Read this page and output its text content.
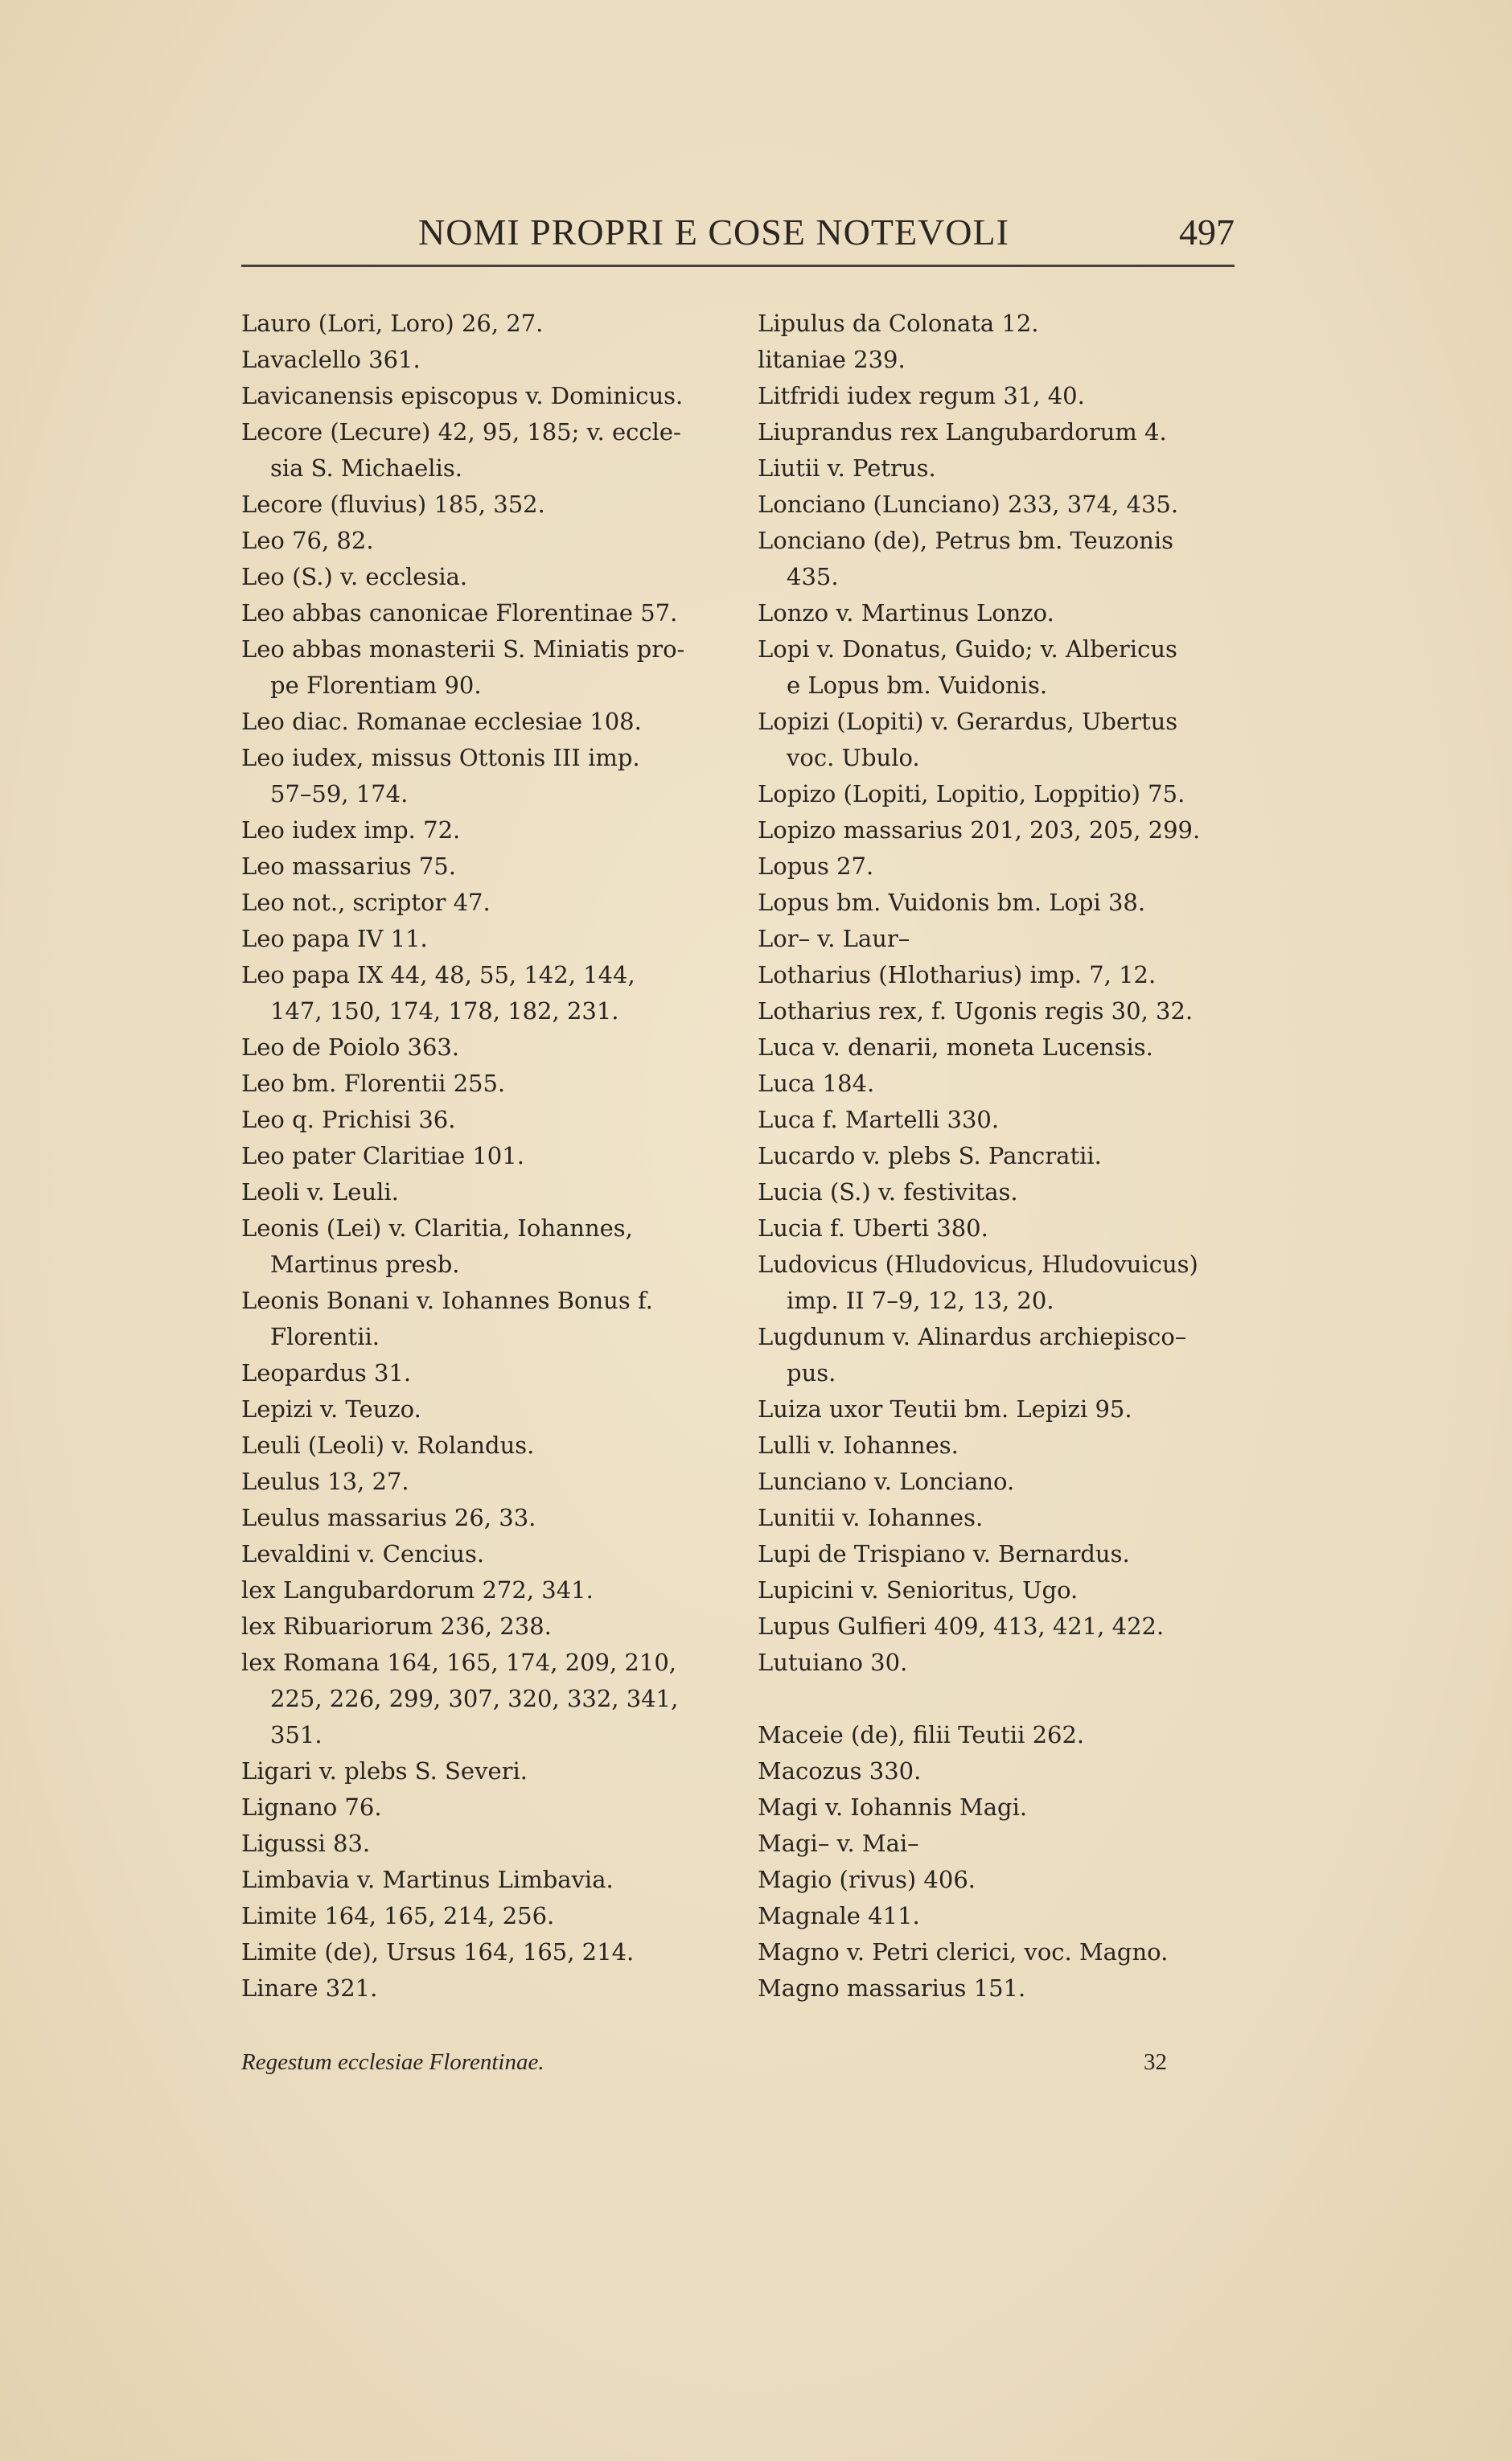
NOMI PROPRI E COSE NOTEVOLI	497
Lauro (Lori, Loro) 26, 27.
Lavaclello 361.
Lavicanensis episcopus v. Dominicus.
Lecore (Lecure) 42, 95, 185; v. eccle-
sia S. Michaelis.
Lecore (fluvius) 185, 352.
Leo 76, 82.
Leo (S.) v. ecclesia.
Leo abbas canonicae Florentinae 57.
Leo abbas monasterii S. Miniatis pro-
pe Florentiam 90.
Leo diac. Romanae ecclesiae 108.
Leo iudex, missus Ottonis III imp.
57–59, 174.
Leo iudex imp. 72.
Leo massarius 75.
Leo not., scriptor 47.
Leo papa IV 11.
Leo papa IX 44, 48, 55, 142, 144,
147, 150, 174, 178, 182, 231.
Leo de Poiolo 363.
Leo bm. Florentii 255.
Leo q. Prichisi 36.
Leo pater Claritiae 101.
Leoli v. Leuli.
Leonis (Lei) v. Claritia, Iohannes,
Martinus presb.
Leonis Bonani v. Iohannes Bonus f.
Florentii.
Leopardus 31.
Lepizi v. Teuzo.
Leuli (Leoli) v. Rolandus.
Leulus 13, 27.
Leulus massarius 26, 33.
Levaldini v. Cencius.
lex Langubardorum 272, 341.
lex Ribuariorum 236, 238.
lex Romana 164, 165, 174, 209, 210,
225, 226, 299, 307, 320, 332, 341,
351.
Ligari v. plebs S. Severi.
Lignano 76.
Ligussi 83.
Limbavia v. Martinus Limbavia.
Limite 164, 165, 214, 256.
Limite (de), Ursus 164, 165, 214.
Linare 321.
Lipulus da Colonata 12.
litaniae 239.
Litfridi iudex regum 31, 40.
Liuprandus rex Langubardorum 4.
Liutii v. Petrus.
Lonciano (Lunciano) 233, 374, 435.
Lonciano (de), Petrus bm. Teuzonis
435.
Lonzo v. Martinus Lonzo.
Lopi v. Donatus, Guido; v. Albericus
e Lopus bm. Vuidonis.
Lopizi (Lopiti) v. Gerardus, Ubertus
voc. Ubulo.
Lopizo (Lopiti, Lopitio, Loppitio) 75.
Lopizo massarius 201, 203, 205, 299.
Lopus 27.
Lopus bm. Vuidonis bm. Lopi 38.
Lor– v. Laur–
Lotharius (Hlotharius) imp. 7, 12.
Lotharius rex, f. Ugonis regis 30, 32.
Luca v. denarii, moneta Lucensis.
Luca 184.
Luca f. Martelli 330.
Lucardo v. plebs S. Pancratii.
Lucia (S.) v. festivitas.
Lucia f. Uberti 380.
Ludovicus (Hludovicus, Hludovuicus)
imp. II 7–9, 12, 13, 20.
Lugdunum v. Alinardus archiepisco–
pus.
Luiza uxor Teutii bm. Lepizi 95.
Lulli v. Iohannes.
Lunciano v. Lonciano.
Lunitii v. Iohannes.
Lupi de Trispiano v. Bernardus.
Lupicini v. Senioritus, Ugo.
Lupus Gulfieri 409, 413, 421, 422.
Lutuiano 30.
Maceie (de), filii Teutii 262.
Macozus 330.
Magi v. Iohannis Magi.
Magi– v. Mai–
Magio (rivus) 406.
Magnale 411.
Magno v. Petri clerici, voc. Magno.
Magno massarius 151.
Regestum ecclesiae Florentinae.	32
